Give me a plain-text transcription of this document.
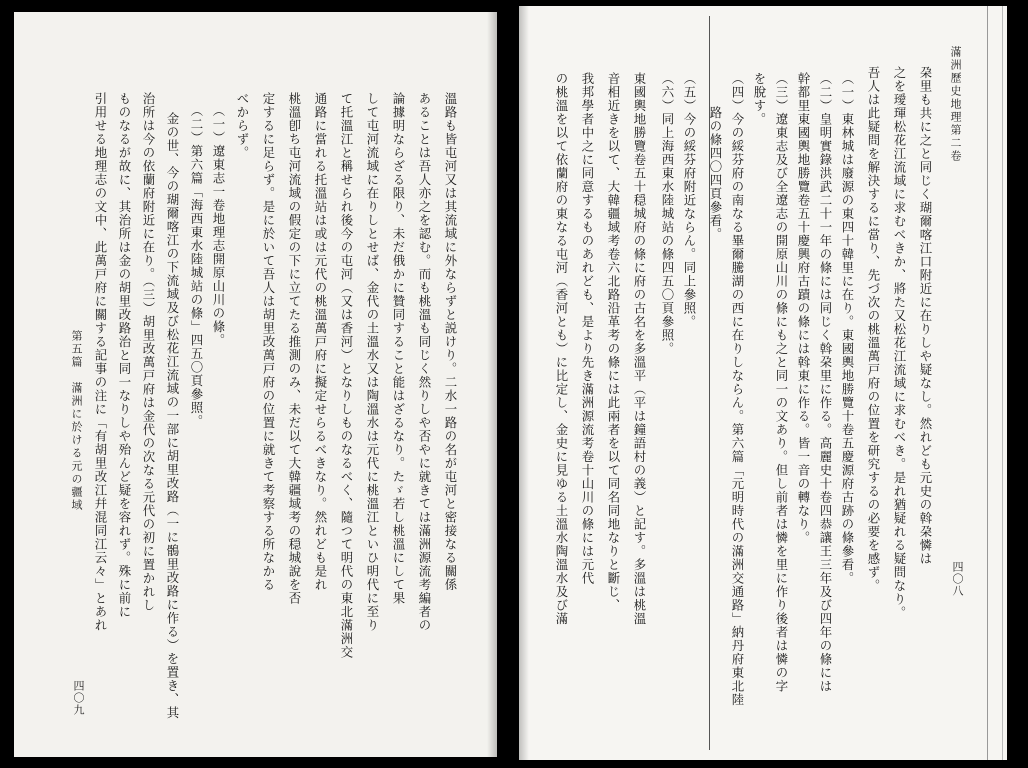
第五篇　滿洲に於ける元の疆域
四〇九
溫路も皆屯河又は其流域に外ならずと説けり。二水一路の名が屯河と密接なる關係
あることは吾人亦之を認む。而も桃溫も同じく然りしや否やに就きては滿洲源流考編者の
論據明ならざる限り、未だ俄かに贊同すること能はざるなり。たゞ若し桃溫にして果
して屯河流域に在りしとせば、金代の土溫水又は陶溫水は元代に桃溫江といひ明代に至り
て托溫江と稱せられ後今の屯河（又は香河）となりしものなるべく、隨つて明代の東北滿洲交
通路に當れる托溫站は或は元代の桃溫萬戸府に擬定せらるべきなり。然れども是れ
桃溫卽ち屯河流域の假定の下に立てたる推測のみ、未だ以て大韓疆域考の穏城說を否
定するに足らず。是に於いて吾人は胡里改萬戸府の位置に就きて考察する所なかる
べからず。
（一）遼東志一卷地理志開原山川の條。
（二）第六篇「海西東水陸城站の條」四五〇頁參照。
金の世、今の瑚爾喀江の下流域及び松花江流域の一部に胡里改路（一に鶻里改路に作る）を置き、其
治所は今の依蘭府附近に在り。（三）胡里改萬戸府は金代の次なる元代の初に置かれし
ものなるが故に、其治所は金の胡里改路治と同一なりしや殆んど疑を容れず。殊に前に
引用せる地理志の文中、此萬戸府に關する記事の注に「有胡里改江幷混同江云々」とあれ	滿洲歷史地理第二卷
四〇八
朶里も共に之と同じく瑚爾喀江口附近に在りしや疑なし。然れども元史の斡朶憐は
之を璦琿松花江流域に求むべきか、將た又松花江流域に求むべき。是れ猶疑れる疑問なり。
吾人は此疑問を解決するに當り、先づ次の桃溫萬戸府の位置を研究するの必要を感ず。
（一）東林城は廢源の東四十韓里に在り。東國輿地勝覽十卷五慶源府古跡の條參看。
（二）皇明實錄洪武二十一年の條には同じく斡朶里に作る。高麗史十卷四恭讓王三年及び四年の條には
幹都里東國輿地勝覽卷五十慶興府古蹟の條には斡東に作る。皆一音の轉なり。
（三）遼東志及び全遼志の開原山川の條にも之と同一の文あり。但し前者は憐を里に作り後者は憐の字
を脫す。
（四）今の綏芬府の南なる畢爾騰湖の西に在りしならん。第六篇「元明時代の滿洲交通路」納丹府東北陸
路の條四〇四頁參看。
（五）今の綏芬府附近ならん。同上參照。
（六）同上海西東水陸城站の條四五〇頁參照。
東國輿地勝覽卷五十穏城府の條に府の古名を多溫平（平は鐘語村の義）と記す。多溫は桃溫
音相近きを以て、大韓疆域考卷六北路沿革考の條には此兩者を以て同名同地なりと斷じ、
我邦學者中之に同意するものあれども、是より先き滿洲源流考卷十山川の條には元代
の桃溫を以て依蘭府の東なる屯河（香河とも）に比定し、金史に見ゆる土溫水陶溫水及び滿
